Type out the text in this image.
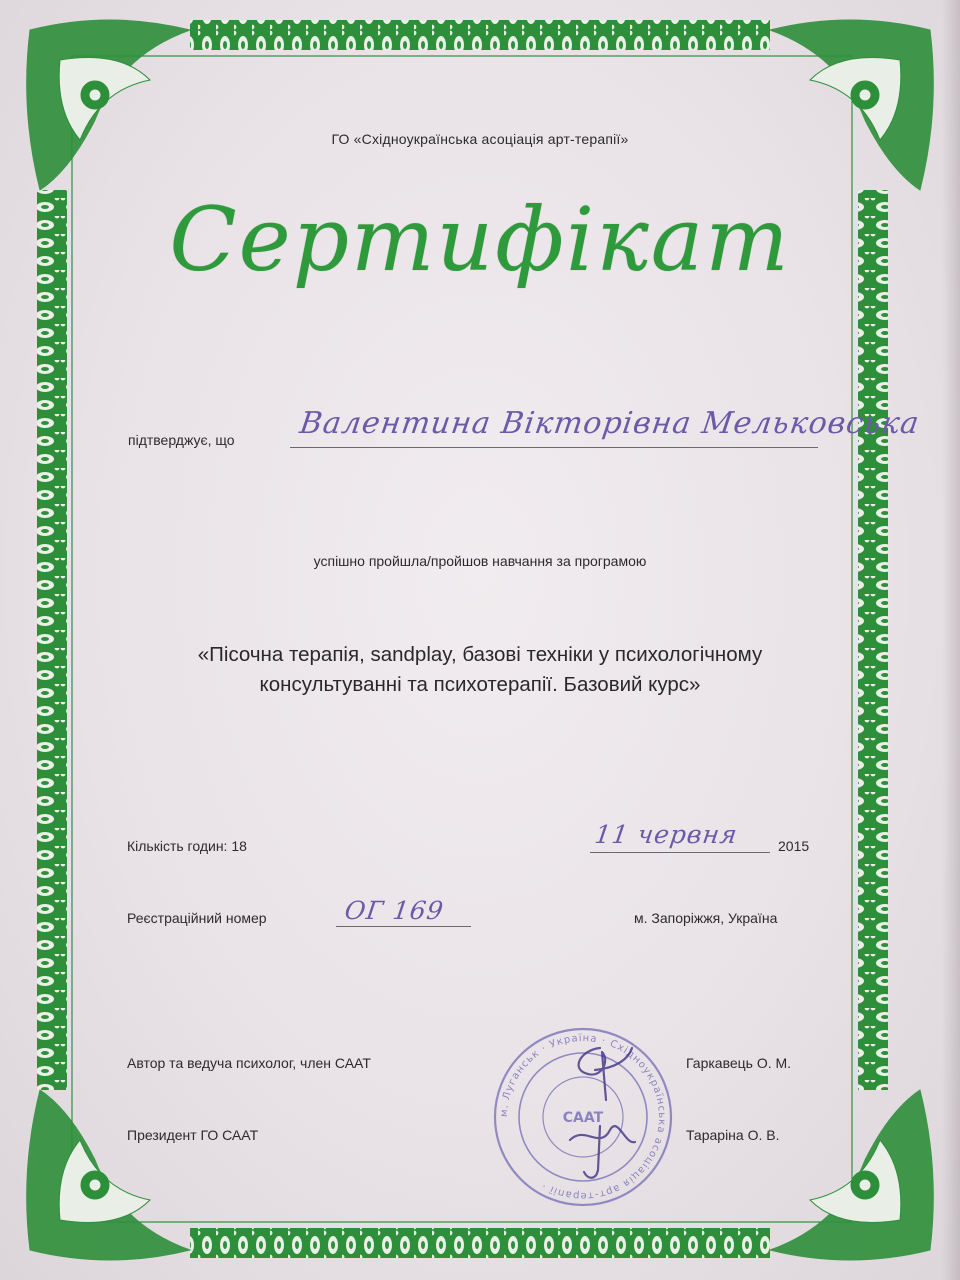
ГО «Східноукраїнська асоціація арт-терапії»
Сертифікат
підтверджує, що Валентина Вікторівна Мельковська
успішно пройшла/пройшов навчання за програмою
«Пісочна терапія, sandplay, базові техніки у психологічному
консультуванні та психотерапії. Базовий курс»
Кількість годин: 18	11 червня	2015
Реєстраційний номер	ОГ 169	м. Запоріжжя, Україна
Автор та ведуча психолог, член САAT	Гаркавець О. М.
Президент ГО САAT	Тараріна О. В.
м. Луганськ · Україна · Східноукраїнська асоціація арт-терапії ·
САAT
